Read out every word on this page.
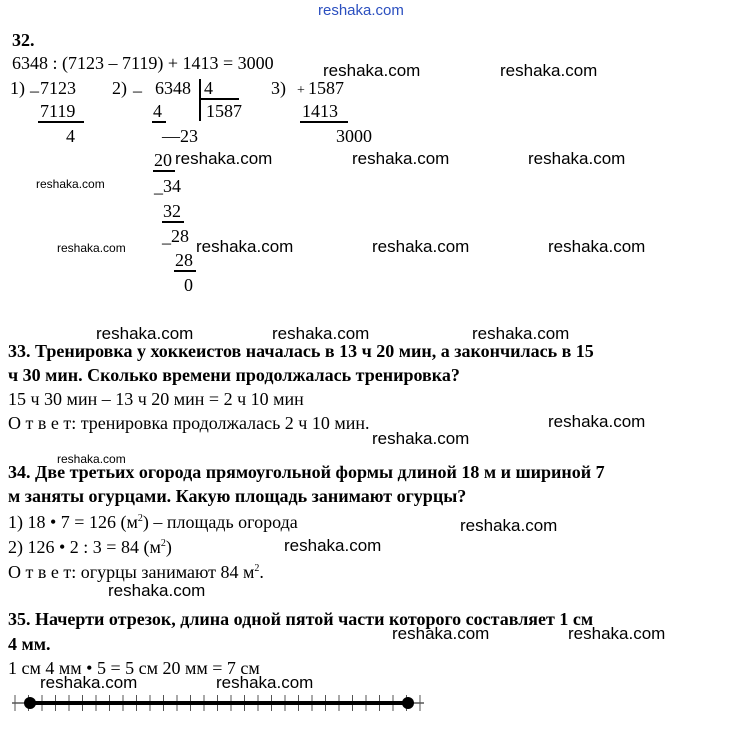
reshaka.com
32.
6348 : (7123 – 7119) + 1413 = 3000
1) _ 7123
7119
4
2) _ 6348 4
1587
4
—23
20
_34
32
_28
28
0
3) + 1587
1413
3000
reshaka.com	reshaka.com
reshaka.com	reshaka.com	reshaka.com
reshaka.com
reshaka.com	reshaka.com	reshaka.com	reshaka.com
reshaka.com	reshaka.com	reshaka.com
33. Тренировка у хоккеистов началась в 13 ч 20 мин, а закончилась в 15
ч 30 мин. Сколько времени продолжалась тренировка?
15 ч 30 мин – 13 ч 20 мин = 2 ч 10 мин
О т в е т: тренировка продолжалась 2 ч 10 мин.	reshaka.com
reshaka.com
reshaka.com
34. Две третьих огорода прямоугольной формы длиной 18 м и шириной 7
м заняты огурцами. Какую площадь занимают огурцы?
1) 18 • 7 = 126 $(м^2)$ – площадь огорода	reshaka.com
2) 126 • 2 : 3 = 84 $(м^2)$	reshaka.com
О т в е т: огурцы занимают 84 $м^2$.
reshaka.com
35. Начерти отрезок, длина одной пятой части которого составляет 1 см
4 мм.
reshaka.com	reshaka.com
1 см 4 мм • 5 = 5 см 20 мм = 7 см
reshaka.com	reshaka.com
